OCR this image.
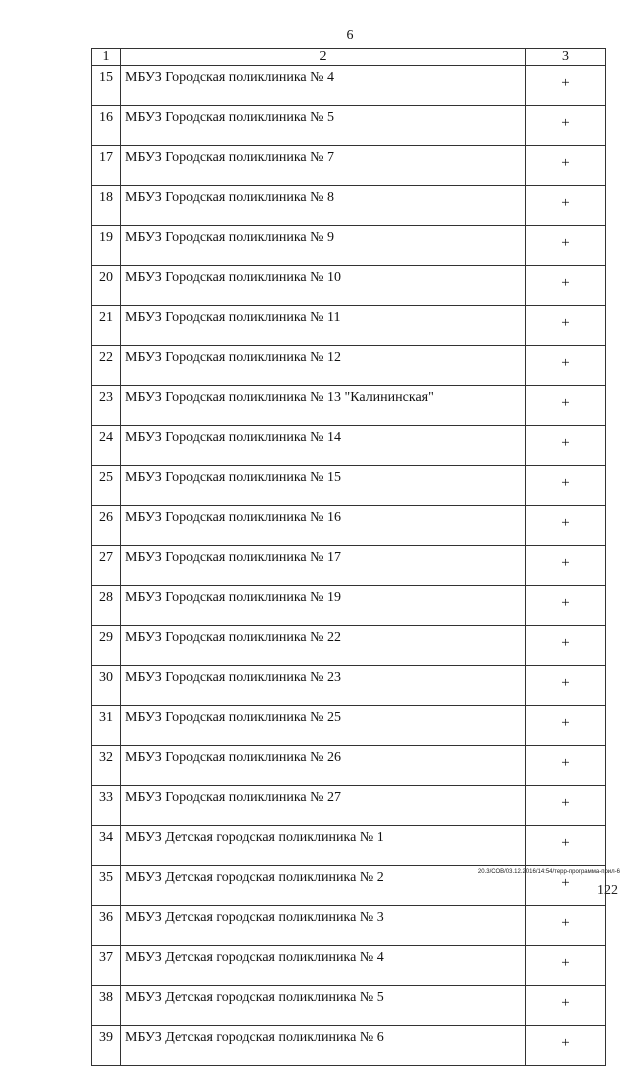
6
1	2	3
15	МБУЗ Городская поликлиника № 4	+
16	МБУЗ Городская поликлиника № 5	+
17	МБУЗ Городская поликлиника № 7	+
18	МБУЗ Городская поликлиника № 8	+
19	МБУЗ Городская поликлиника № 9	+
20	МБУЗ Городская поликлиника № 10	+
21	МБУЗ Городская поликлиника № 11	+
22	МБУЗ Городская поликлиника № 12	+
23	МБУЗ Городская поликлиника № 13 "Калининская"	+
24	МБУЗ Городская поликлиника № 14	+
25	МБУЗ Городская поликлиника № 15	+
26	МБУЗ Городская поликлиника № 16	+
27	МБУЗ Городская поликлиника № 17	+
28	МБУЗ Городская поликлиника № 19	+
29	МБУЗ Городская поликлиника № 22	+
30	МБУЗ Городская поликлиника № 23	+
31	МБУЗ Городская поликлиника № 25	+
32	МБУЗ Городская поликлиника № 26	+
33	МБУЗ Городская поликлиника № 27	+
34	МБУЗ Детская городская поликлиника № 1	+
35	МБУЗ Детская городская поликлиника № 2	+
36	МБУЗ Детская городская поликлиника № 3	+
37	МБУЗ Детская городская поликлиника № 4	+
38	МБУЗ Детская городская поликлиника № 5	+
39	МБУЗ Детская городская поликлиника № 6	+
20.3/СОВ/03.12.2016/14:54/терр-программа-прил-6
122
